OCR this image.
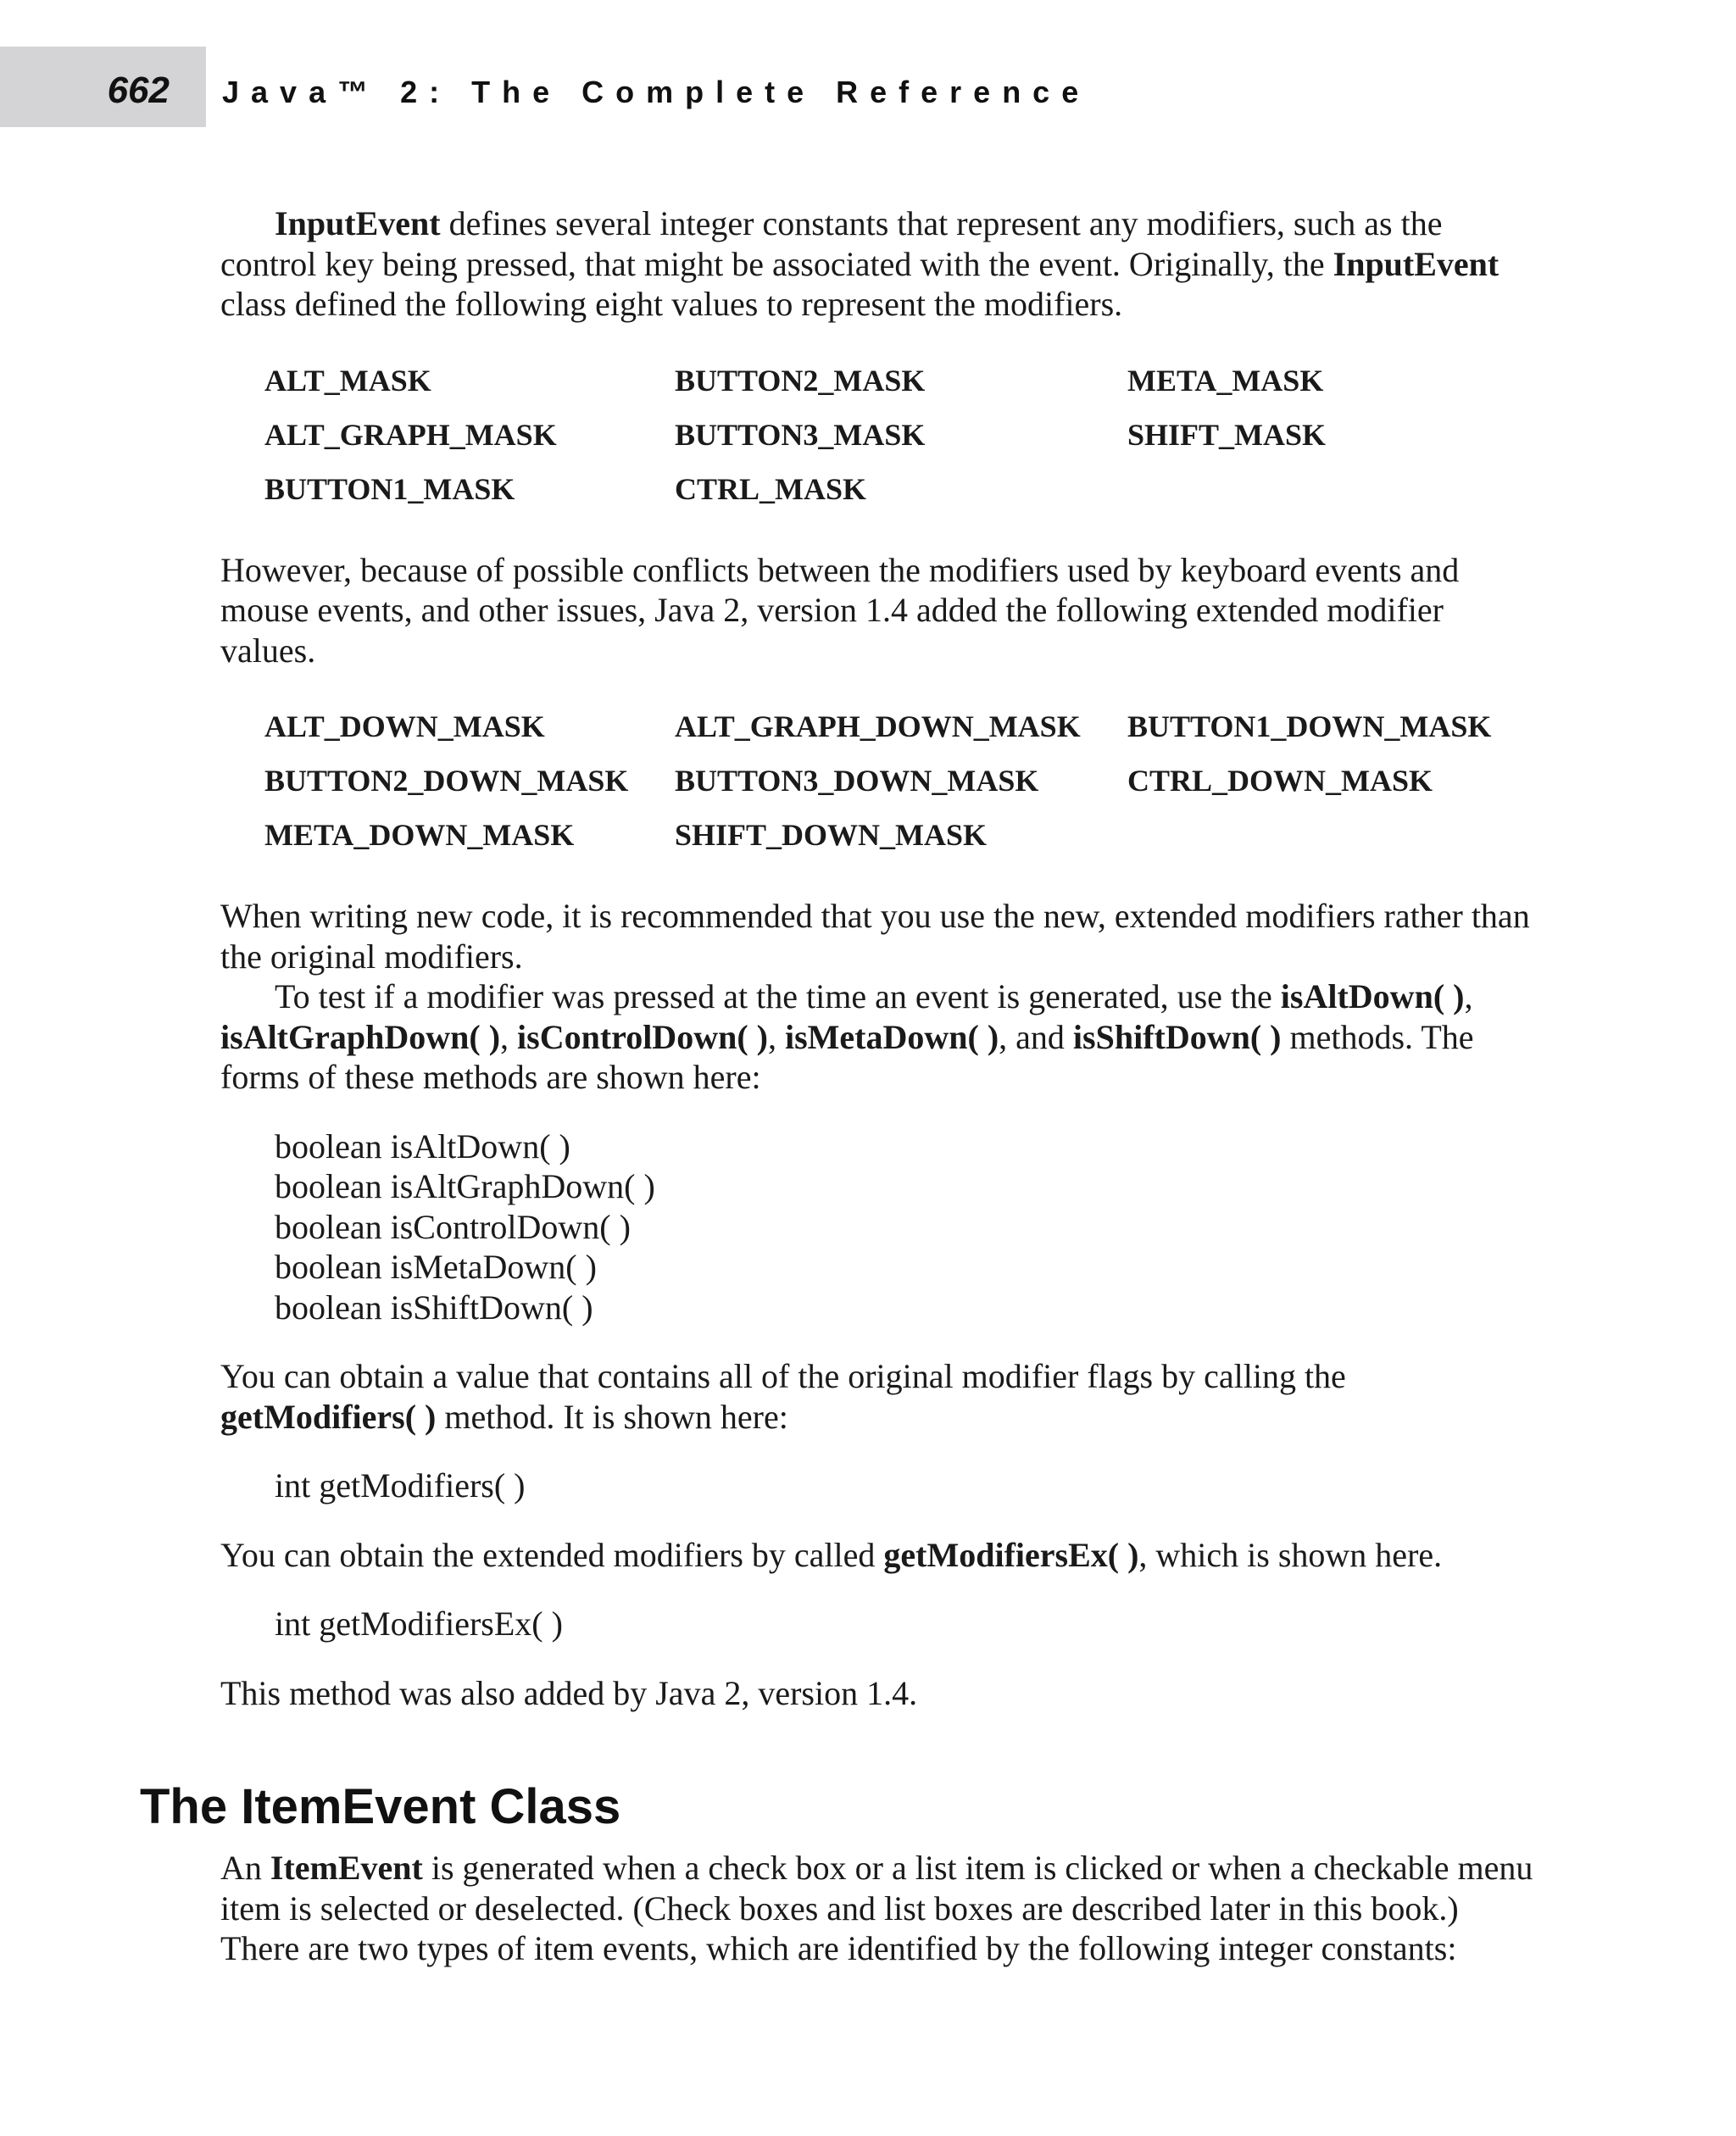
662 Java™ 2: The Complete Reference

InputEvent defines several integer constants that represent any modifiers, such as the control key being pressed, that might be associated with the event. Originally, the InputEvent class defined the following eight values to represent the modifiers.

ALT_MASK	BUTTON2_MASK	META_MASK
ALT_GRAPH_MASK	BUTTON3_MASK	SHIFT_MASK
BUTTON1_MASK	CTRL_MASK

However, because of possible conflicts between the modifiers used by keyboard events and mouse events, and other issues, Java 2, version 1.4 added the following extended modifier values.

ALT_DOWN_MASK	ALT_GRAPH_DOWN_MASK	BUTTON1_DOWN_MASK
BUTTON2_DOWN_MASK	BUTTON3_DOWN_MASK	CTRL_DOWN_MASK
META_DOWN_MASK	SHIFT_DOWN_MASK

When writing new code, it is recommended that you use the new, extended modifiers rather than the original modifiers.

To test if a modifier was pressed at the time an event is generated, use the isAltDown( ), isAltGraphDown( ), isControlDown( ), isMetaDown( ), and isShiftDown( ) methods. The forms of these methods are shown here:

boolean isAltDown( )
boolean isAltGraphDown( )
boolean isControlDown( )
boolean isMetaDown( )
boolean isShiftDown( )

You can obtain a value that contains all of the original modifier flags by calling the getModifiers( ) method. It is shown here:

int getModifiers( )

You can obtain the extended modifiers by called getModifiersEx( ), which is shown here.

int getModifiersEx( )

This method was also added by Java 2, version 1.4.

The ItemEvent Class

An ItemEvent is generated when a check box or a list item is clicked or when a checkable menu item is selected or deselected. (Check boxes and list boxes are described later in this book.) There are two types of item events, which are identified by the following integer constants:
